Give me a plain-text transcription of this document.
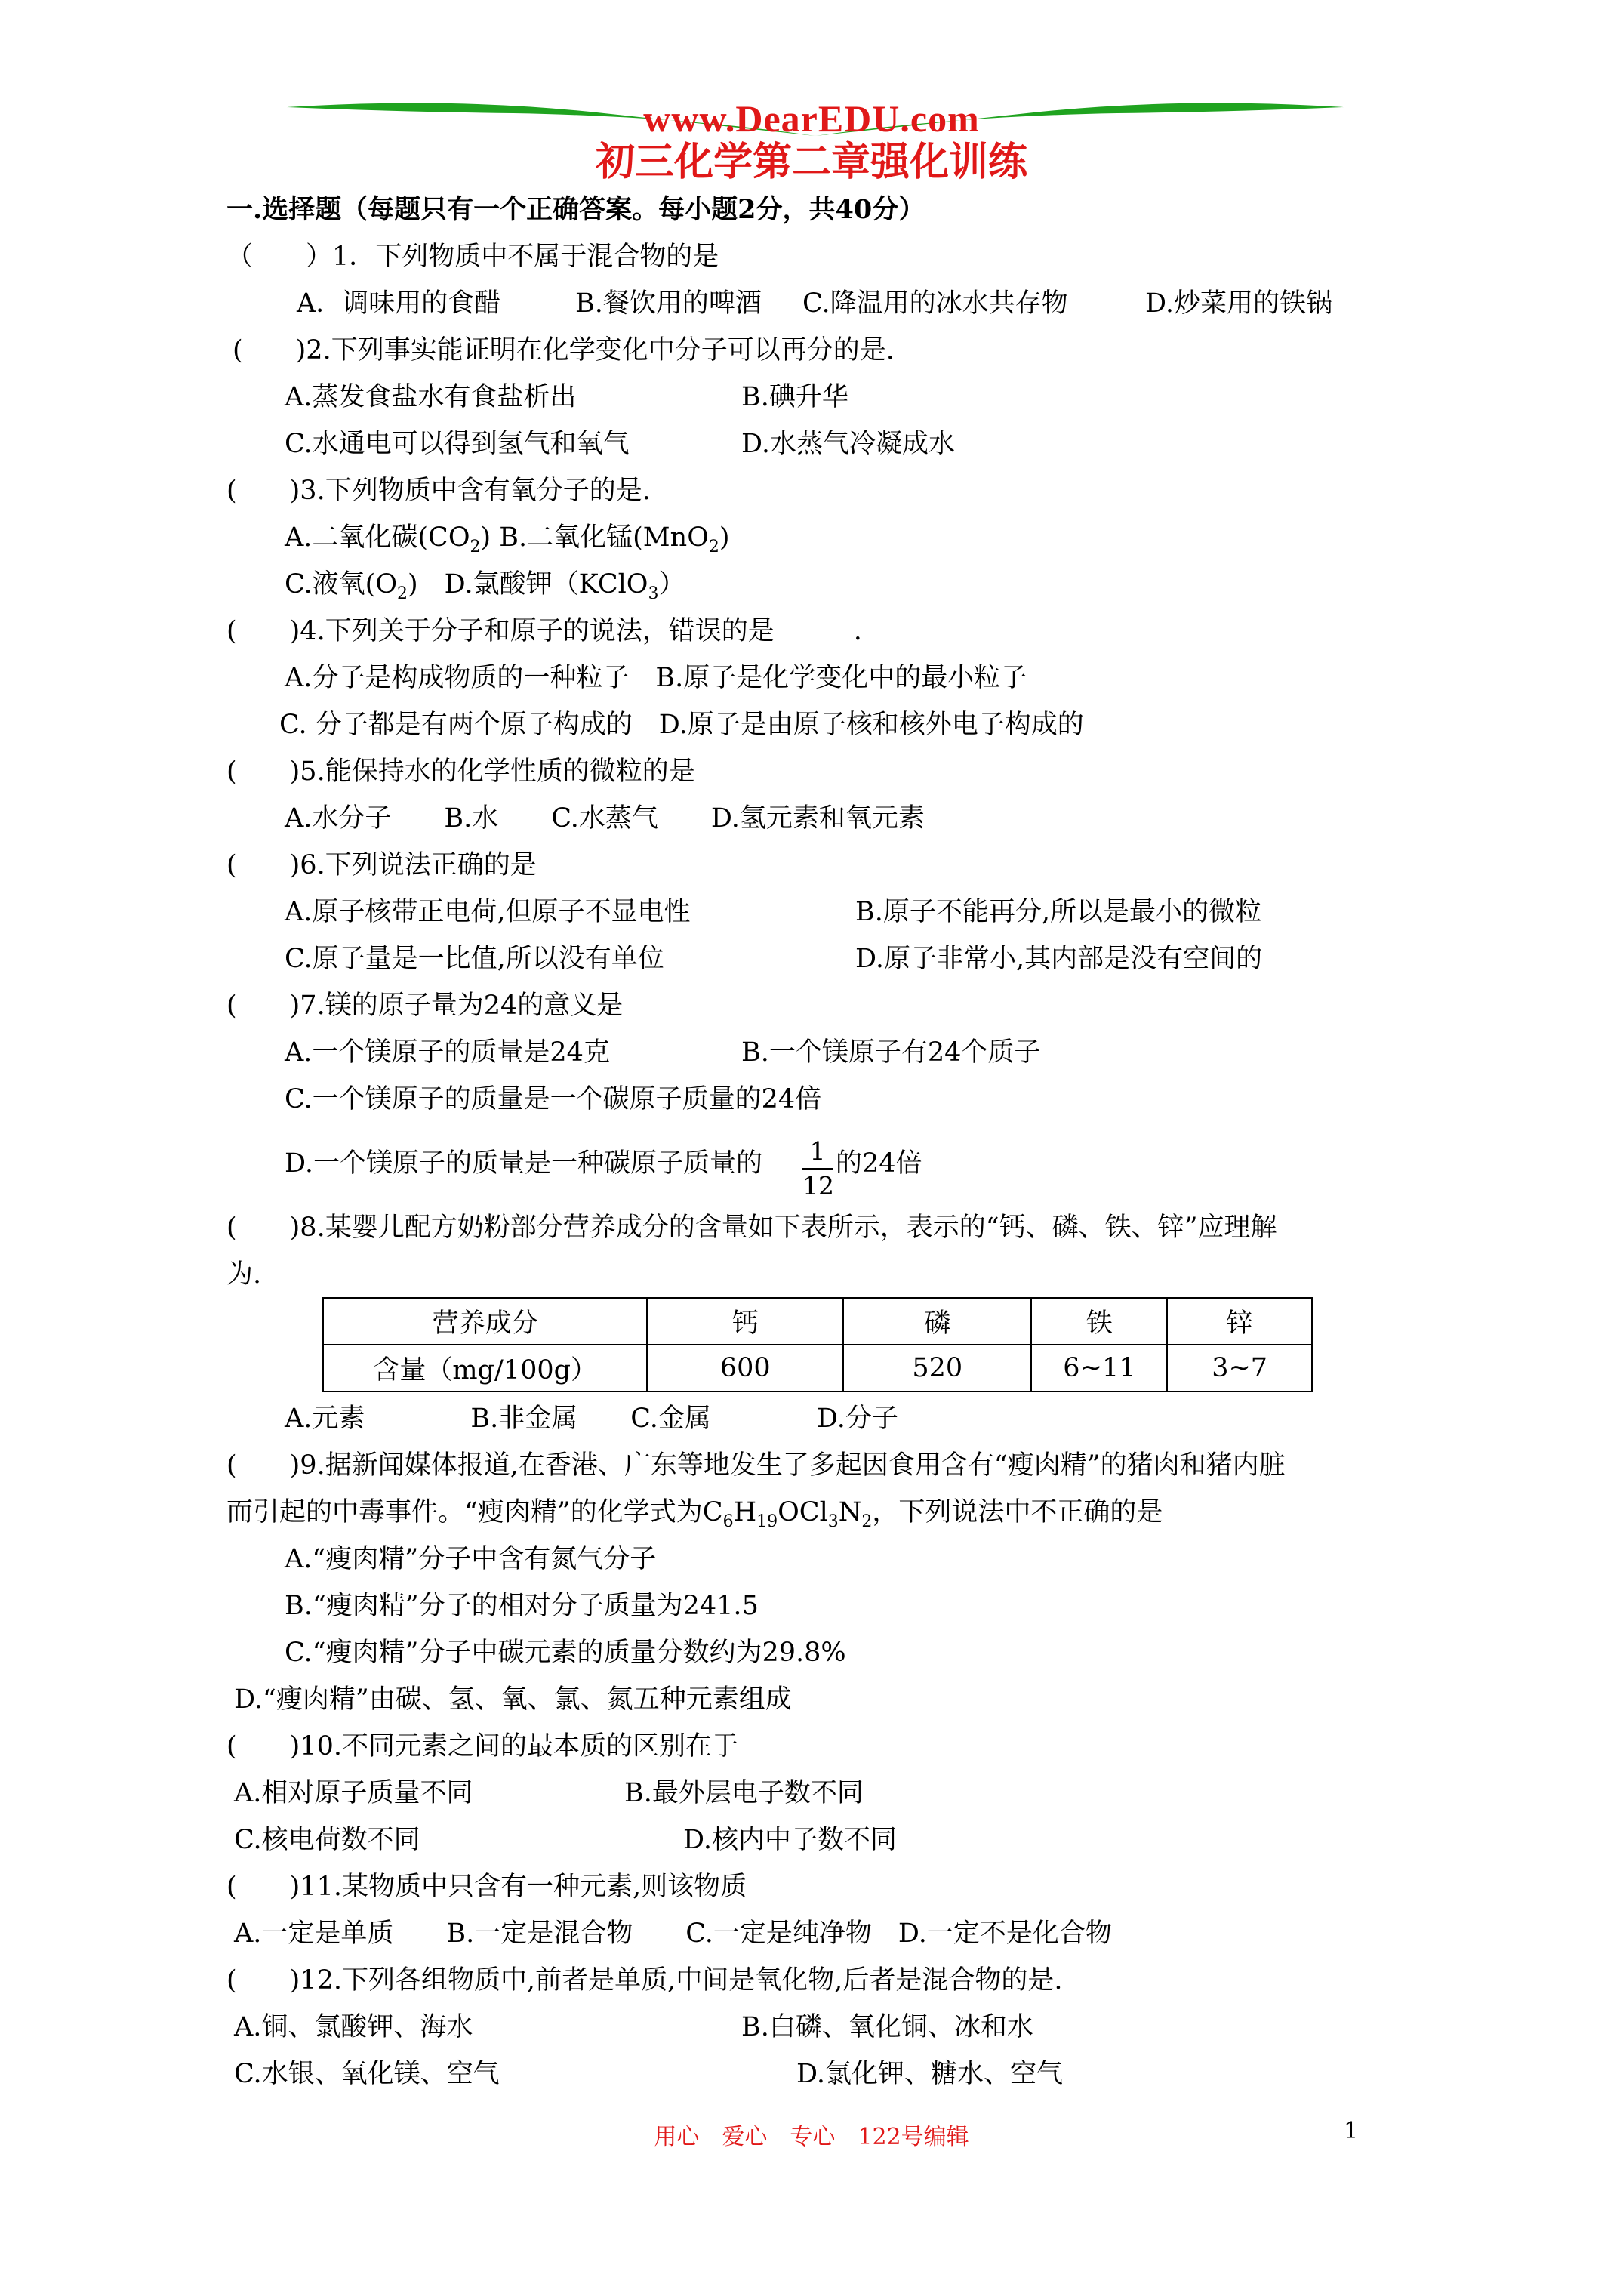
www.DearEDU.com
初三化学第二章强化训练
一.选择题（每题只有一个正确答案。每小题2分，共40分）
（　　）1．下列物质中不属于混合物的是
A．调味用的食醋	B.餐饮用的啤酒 C.降温用的冰水共存物	D.炒菜用的铁锅
(　　)2.下列事实能证明在化学变化中分子可以再分的是.
A.蒸发食盐水有食盐析出	B.碘升华
C.水通电可以得到氢气和氧气	D.水蒸气冷凝成水
(　　)3.下列物质中含有氧分子的是.
A.二氧化碳$(CO_2)$ B.二氧化锰(MnO$_2$)
C.液氧$(O_2)$　D.氯酸钾（KClO$_3$）
(　　)4.下列关于分子和原子的说法，错误的是　　　.
A.分子是构成物质的一种粒子　B.原子是化学变化中的最小粒子
C. 分子都是有两个原子构成的　D.原子是由原子核和核外电子构成的
(　　)5.能保持水的化学性质的微粒的是
A.水分子　　B.水　　C.水蒸气　　D.氢元素和氧元素
(　　)6.下列说法正确的是
A.原子核带正电荷,但原子不显电性	B.原子不能再分,所以是最小的微粒
C.原子量是一比值,所以没有单位	D.原子非常小,其内部是没有空间的
(　　)7.镁的原子量为24的意义是
A.一个镁原子的质量是24克	B.一个镁原子有24个质子
C.一个镁原子的质量是一个碳原子质量的24倍
D.一个镁原子的质量是一种碳原子质量的 $\frac{1}{12}$ 的24倍
(　　)8.某婴儿配方奶粉部分营养成分的含量如下表所示，表示的“钙、磷、铁、锌”应理解
为.
营养成分	钙	磷	铁	锌
含量（mg/100g）	600	520	6~11	3~7
A.元素　　　　B.非金属　　C.金属　　　　D.分子
(　　)9.据新闻媒体报道,在香港、广东等地发生了多起因食用含有“瘦肉精”的猪肉和猪内脏
而引起的中毒事件。“瘦肉精”的化学式为$C_6H_{19}OCl_3N_2$，下列说法中不正确的是
A.“瘦肉精”分子中含有氮气分子
B.“瘦肉精”分子的相对分子质量为241.5
C.“瘦肉精”分子中碳元素的质量分数约为29.8%
D.“瘦肉精”由碳、氢、氧、氯、氮五种元素组成
(　　)10.不同元素之间的最本质的区别在于
A.相对原子质量不同	B.最外层电子数不同
C.核电荷数不同	D.核内中子数不同
(　　)11.某物质中只含有一种元素,则该物质
A.一定是单质　　B.一定是混合物　　C.一定是纯净物　D.一定不是化合物
(　　)12.下列各组物质中,前者是单质,中间是氧化物,后者是混合物的是.
A.铜、氯酸钾、海水	B.白磷、氧化铜、冰和水
C.水银、氧化镁、空气	D.氯化钾、糖水、空气
用心　爱心　专心　122号编辑	1
